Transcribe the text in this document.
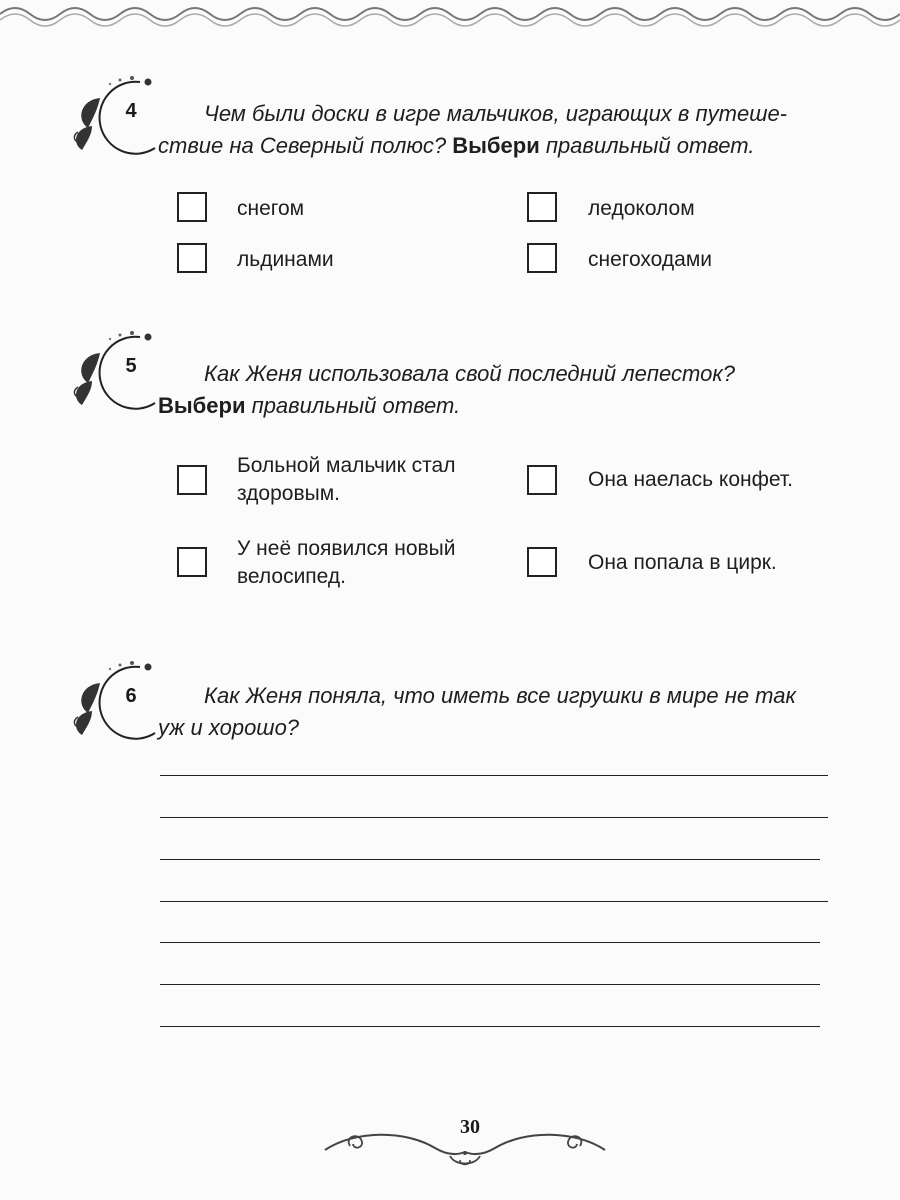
4	Чем были доски в игре мальчиков, играющих в путеше-
ствие на Северный полюс? Выбери правильный ответ.
снегом	ледоколом
льдинами	снегоходами
5	Как Женя использовала свой последний лепесток?
Выбери правильный ответ.
Больной мальчик стал
здоровым.
Она наелась конфет.
У неё появился новый
велосипед.
Она попала в цирк.
6	Как Женя поняла, что иметь все игрушки в мире не так
уж и хорошо?
30
